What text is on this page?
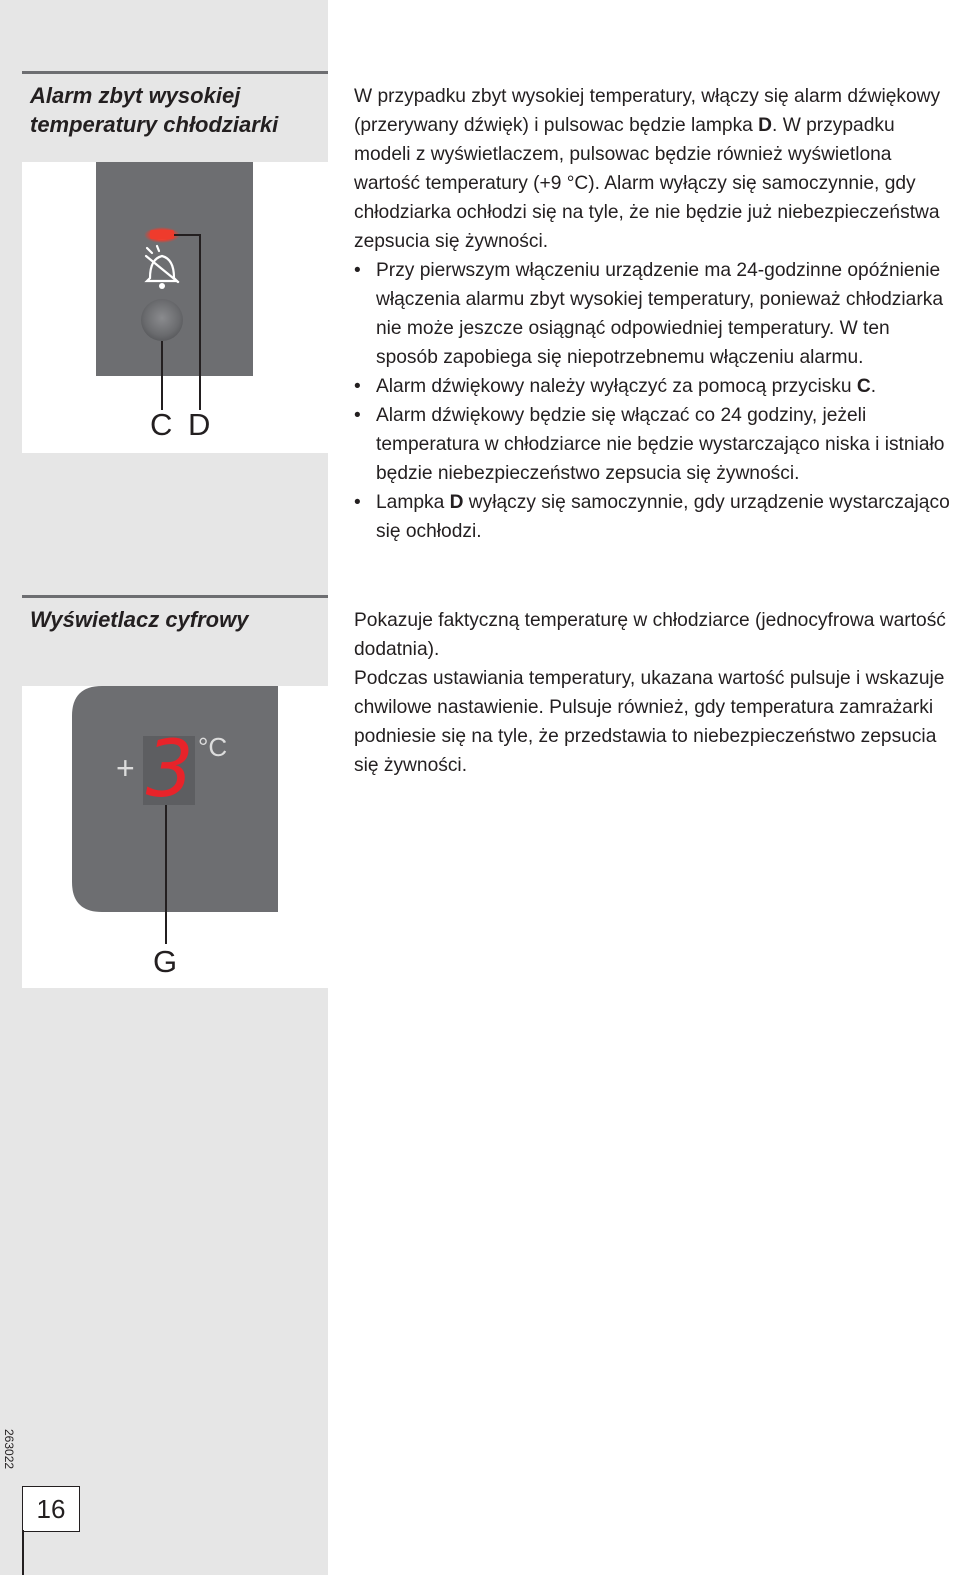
Alarm zbyt wysokiej temperatury chłodziarki
C D

W przypadku zbyt wysokiej temperatury, włączy się alarm dźwiękowy (przerywany dźwięk) i pulsowac będzie lampka D. W przypadku modeli z wyświetlaczem, pulsowac będzie również wyświetlona wartość temperatury (+9 °C). Alarm wyłączy się samoczynnie, gdy chłodziarka ochłodzi się na tyle, że nie będzie już niebezpieczeństwa zepsucia się żywności.

• Przy pierwszym włączeniu urządzenie ma 24-godzinne opóźnienie włączenia alarmu zbyt wysokiej temperatury, ponieważ chłodziarka nie może jeszcze osiągnąć odpowiedniej temperatury. W ten sposób zapobiega się niepotrzebnemu włączeniu alarmu.
• Alarm dźwiękowy należy wyłączyć za pomocą przycisku C.
• Alarm dźwiękowy będzie się włączać co 24 godziny, jeżeli temperatura w chłodziarce nie będzie wystarczająco niska i istniało będzie niebezpieczeństwo zepsucia się żywności.
• Lampka D wyłączy się samoczynnie, gdy urządzenie wystarczająco się ochłodzi.
Wyświetlacz cyfrowy
+ 3 °C
G

Pokazuje faktyczną temperaturę w chłodziarce (jednocyfrowa wartość dodatnia).

Podczas ustawiania temperatury, ukazana wartość pulsuje i wskazuje chwilowe nastawienie. Pulsuje również, gdy temperatura zamrażarki podniesie się na tyle, że przedstawia to niebezpieczeństwo zepsucia się żywności.

263022
16
